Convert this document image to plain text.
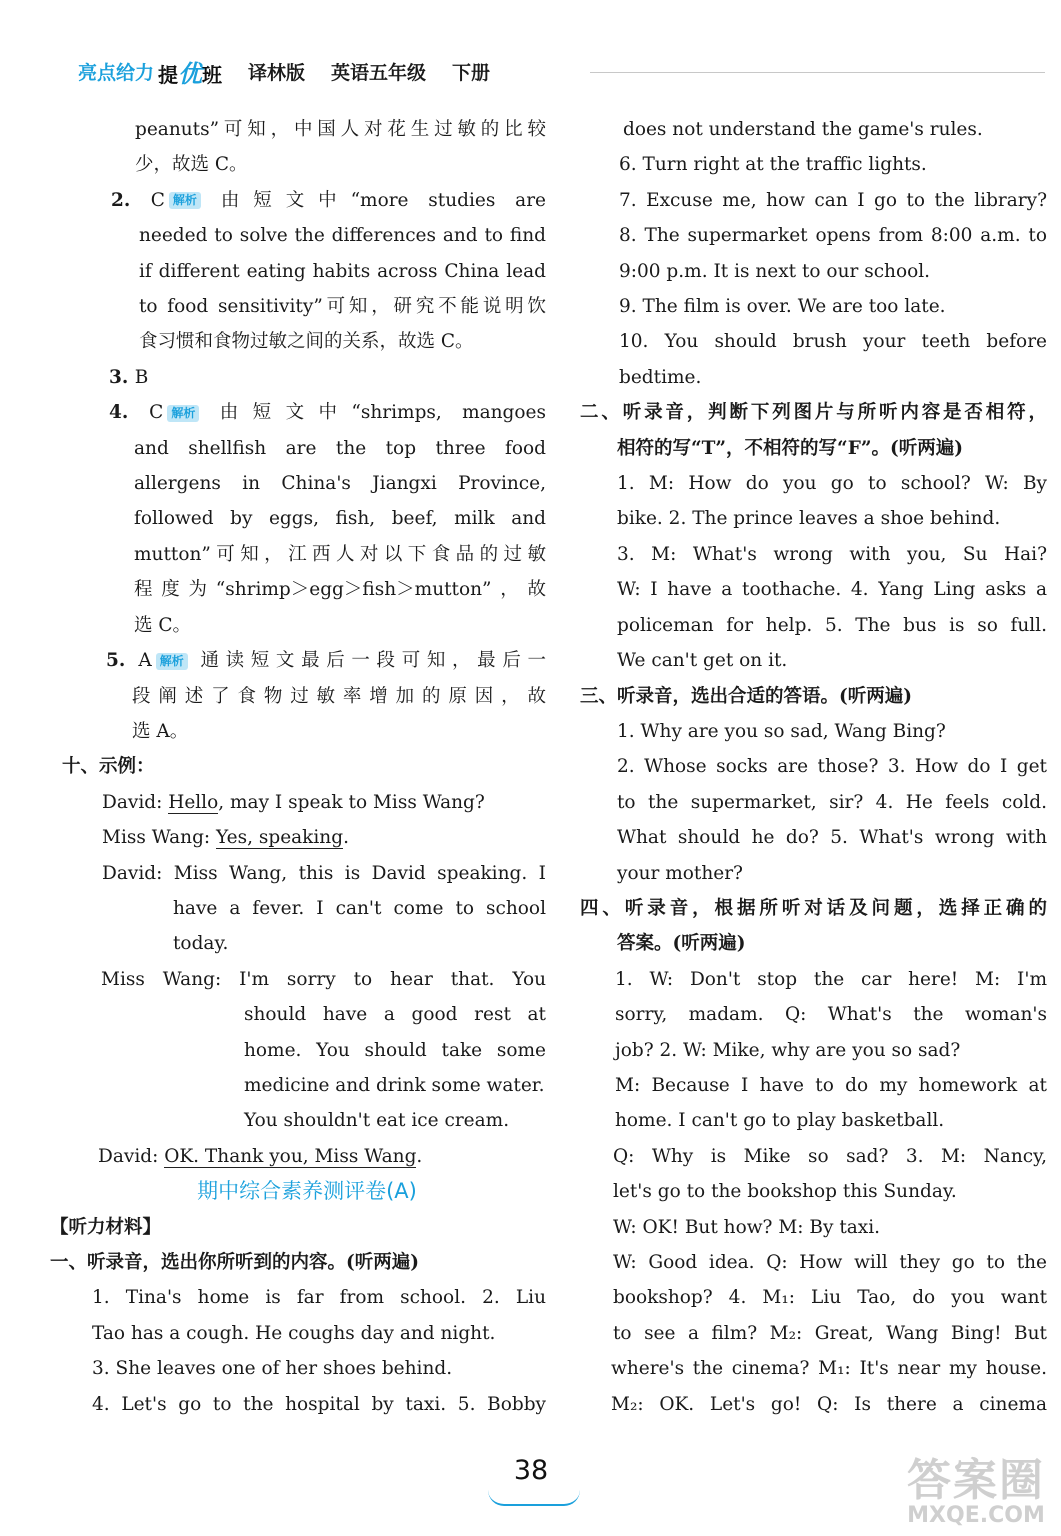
亮点给力 提优班 译林版 英语五年级 下册
peanuts”可知，中国人对花生过敏的比较
少，故选 C。
2. C 解析 由短文中“more studies are
needed to solve the differences and to find
if different eating habits across China lead
to food sensitivity”可知，研究不能说明饮
食习惯和食物过敏之间的关系，故选 C。
3. B
4. C 解析 由短文中“shrimps, mangoes
and shellfish are the top three food
allergens in China's Jiangxi Province,
followed by eggs, fish, beef, milk and
mutton”可知，江西人对以下食品的过敏
程度为“shrimp＞egg＞fish＞mutton”，故
选 C。
5. A 解析 通读短文最后一段可知，最后一
段阐述了食物过敏率增加的原因，故
选 A。
十、示例：
David: Hello, may I speak to Miss Wang?
Miss Wang: Yes, speaking.
David: Miss Wang, this is David speaking. I
have a fever. I can't come to school
today.
Miss Wang: I'm sorry to hear that. You
should have a good rest at
home. You should take some
medicine and drink some water.
You shouldn't eat ice cream.
David: OK. Thank you, Miss Wang.
期中综合素养测评卷(A)
【听力材料】
一、听录音，选出你所听到的内容。(听两遍)
1. Tina's home is far from school. 2. Liu
Tao has a cough. He coughs day and night.
3. She leaves one of her shoes behind.
4. Let's go to the hospital by taxi. 5. Bobby
does not understand the game's rules.
6. Turn right at the traffic lights.
7. Excuse me, how can I go to the library?
8. The supermarket opens from 8:00 a.m. to
9:00 p.m. It is next to our school.
9. The film is over. We are too late.
10. You should brush your teeth before
bedtime.
二、听录音，判断下列图片与所听内容是否相符，
相符的写“T”，不相符的写“F”。(听两遍)
1. M: How do you go to school? W: By
bike. 2. The prince leaves a shoe behind.
3. M: What's wrong with you, Su Hai?
W: I have a toothache. 4. Yang Ling asks a
policeman for help. 5. The bus is so full.
We can't get on it.
三、听录音，选出合适的答语。(听两遍)
1. Why are you so sad, Wang Bing?
2. Whose socks are those? 3. How do I get
to the supermarket, sir? 4. He feels cold.
What should he do? 5. What's wrong with
your mother?
四、听录音，根据所听对话及问题，选择正确的
答案。(听两遍)
1. W: Don't stop the car here! M: I'm
sorry, madam. Q: What's the woman's
job? 2. W: Mike, why are you so sad?
M: Because I have to do my homework at
home. I can't go to play basketball.
Q: Why is Mike so sad? 3. M: Nancy,
let's go to the bookshop this Sunday.
W: OK! But how? M: By taxi.
W: Good idea. Q: How will they go to the
bookshop? 4. M₁: Liu Tao, do you want
to see a film? M₂: Great, Wang Bing! But
where's the cinema? M₁: It's near my house.
M₂: OK. Let's go! Q: Is there a cinema
38	答案圈
MXQE.COM
